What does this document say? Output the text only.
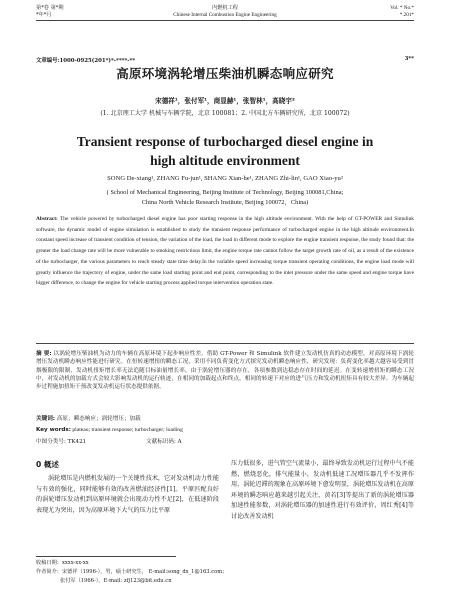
第*卷 第*期
*年*月
内燃机工程
Chinese Internal Combustion Engine Engineering
Vol. * No.*
*.201*
文章编号:1000-0925(201*)*-****-**	3**
高原环境涡轮增压柴油机瞬态响应研究
宋德祥¹，张付军¹，商显赫¹，张智林¹，高晓宇²
(1. 北京理工大学 机械与车辆学院，北京 100081；2. 中国北方车辆研究所，北京 100072)
Transient response of turbocharged diesel engine in
high altitude environment
SONG De-xiang¹, ZHANG Fu-jun¹, SHANG Xian-he¹, ZHANG Zhi-lin¹, GAO Xiao-yu²
( School of Mechanical Engineering, Beijing Institute of Technology, Beijing 100081,China;
China North Vehicle Research Institute, Beijing 100072，China)
Abstract: The vehicle powered by turbocharged diesel engine has poor starting response in the high altitude environment. With the help of GT-POWER and Simulink software, the dynamic model of engine simulation is established to study the transient response performance of turbocharged engine in the high altitude environment.In constant speed increase of transient condition of tension, the variation of the load, the load in different mode to explore the engine transient response, the study found that: the greater the load change rate will be more vulnerable to smoking restrictions limit, the engine torque rate cannot follow the target growth rate of oil, as a result of the existence of the turbocharger, the various parameters to reach steady state time delay.In the variable speed increasing torque transient operating conditions, the engine load mode will greatly influence the trajectory of engine, under the same load starting point and end point, corresponding to the inlet pressure under the same speed and engine torque have bigger difference, to change the engine for vehicle starting process applied torque intervention operation state.
摘 要: 以涡轮增压柴油机为动力的车辆在高原环境下起步响应性差，借助 GT-Power 和 Simulink 软件建立发动机仿真的动态模型，对高原环境下涡轮增压发动机瞬态响应性能进行研究。在恒转速增扭的瞬态工况，采用不同负荷变化方式探究发动机瞬态响应性，研究发现：负荷变化率越大越容易受到冒烟极限的限制，发动机扭矩增长率无法追随目标油量增长率，由于涡轮增压器的存在，各项参数到达稳态存在时间的延迟。在变转速增扭矩的瞬态工况中，对发动机的加载方式会较大影响发动机的运行轨迹，在相同的加载起点和终点，相同的转速下对应的进气压力和发动机扭矩具有较大差异。为车辆起步过程施加扭矩干预改变发动机运行状态提供依据。
关键词: 高原；瞬态响应；涡轮增压；加载
Key words: plateau; transient response; turbocharger; loading
中图分类号: TK421	文献标识码: A
0 概述
涡轮增压是内燃机发展的一个关键性技术，它对发动机动力性能与有效的强化，同时能够有效的改善燃油经济性[1]。平原匹配良好的涡轮增压发动机到高原环境就会出现动力性不足[2]，在低速阶段表现尤为突出，因为高原环境下大气的压力比平原
压力低很多，进气管空气流量小，最终导致发动机运行过程中气不能燃，燃烧恶化，排气能量小，发动机低速工况增压器几乎不发挥作用，涡轮迟滞的现象在高原环境下愈发明显，涡轮增压发动机在高原环境的瞬态响应越来越引起关注，黄若[3]等提出了新的涡轮增压器加速性能参数，对涡轮增压器的加速性进行有效评价，周红秀[4]等讨论改善发动机
收稿日期：xxxx-xx-xx
作者简介：宋德祥（1996-），男，硕士研究生， E-mail:song_dx_1@163.com；
张付军（1966-），E-mail: zfj123@bit.edu.cn
